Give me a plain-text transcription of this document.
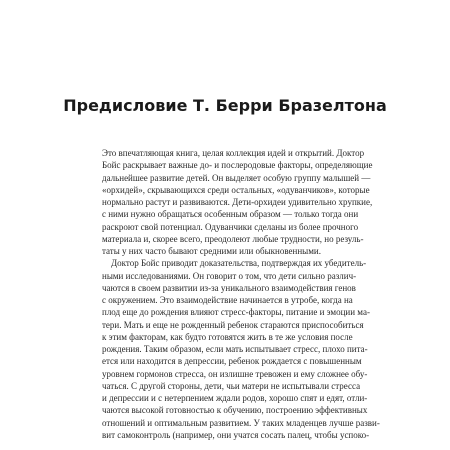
Предисловие Т. Берри Бразелтона
Это впечатляющая книга, целая коллекция идей и открытий. Доктор
Бойс раскрывает важные до- и послеродовые факторы, определяющие
дальнейшее развитие детей. Он выделяет особую группу малышей —
«орхидей», скрывающихся среди остальных, «одуванчиков», которые
нормально растут и развиваются. Дети-орхидеи удивительно хрупкие,
с ними нужно обращаться особенным образом — только тогда они
раскроют свой потенциал. Одуванчики сделаны из более прочного
материала и, скорее всего, преодолеют любые трудности, но резуль-
таты у них часто бывают средними или обыкновенными.
Доктор Бойс приводит доказательства, подтверждая их убедитель-
ными исследованиями. Он говорит о том, что дети сильно различ-
чаются в своем развитии из-за уникального взаимодействия генов
с окружением. Это взаимодействие начинается в утробе, когда на
плод еще до рождения влияют стресс-факторы, питание и эмоции ма-
тери. Мать и еще не рожденный ребенок стараются приспособиться
к этим факторам, как будто готовятся жить в те же условия после
рождения. Таким образом, если мать испытывает стресс, плохо пита-
ется или находится в депрессии, ребенок рождается с повышенным
уровнем гормонов стресса, он излишне тревожен и ему сложнее обу-
чаться. С другой стороны, дети, чьи матери не испытывали стресса
и депрессии и с нетерпением ждали родов, хорошо спят и едят, отли-
чаются высокой готовностью к обучению, построению эффективных
отношений и оптимальным развитием. У таких младенцев лучше разви-
вит самоконтроль (например, они учатся сосать палец, чтобы успоко-
